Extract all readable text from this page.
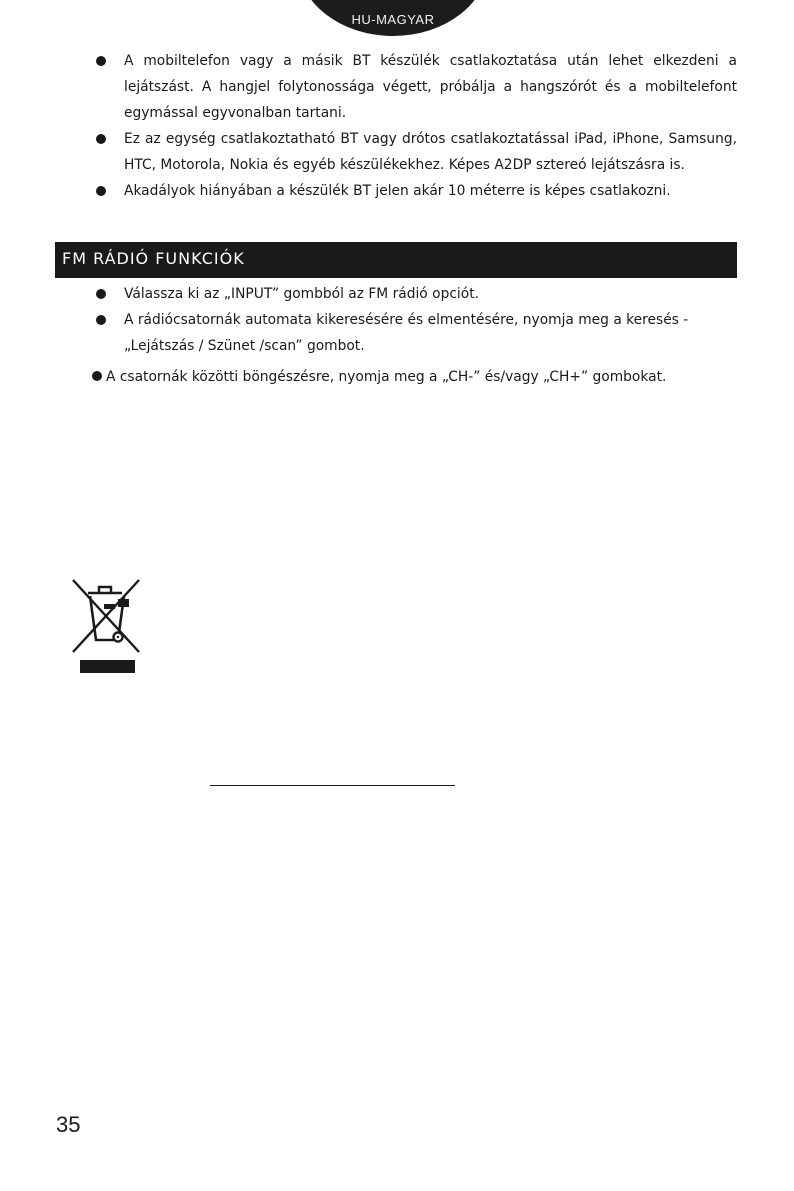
HU-MAGYAR
A mobiltelefon vagy a másik BT készülék csatlakoztatása után lehet elkezdeni a lejátszást. A hangjel folytonossága végett, próbálja a hangszórót és a mobiltelefont egymással egyvonalban tartani.
Ez az egység csatlakoztatható BT vagy drótos csatlakoztatással iPad, iPhone, Samsung, HTC, Motorola, Nokia és egyéb készülékekhez. Képes A2DP sztereó lejátszásra is.
Akadályok hiányában a készülék BT jelen akár 10 méterre is képes csatlakozni.
FM RÁDIÓ FUNKCIÓK
Válassza ki az „INPUT” gombból az FM rádió opciót.
A rádiócsatornák automata kikeresésére és elmentésére, nyomja meg a keresés - „Lejátszás / Szünet /scan” gombot.
A csatornák közötti böngészésre, nyomja meg a „CH-” és/vagy „CH+” gombokat.
35
